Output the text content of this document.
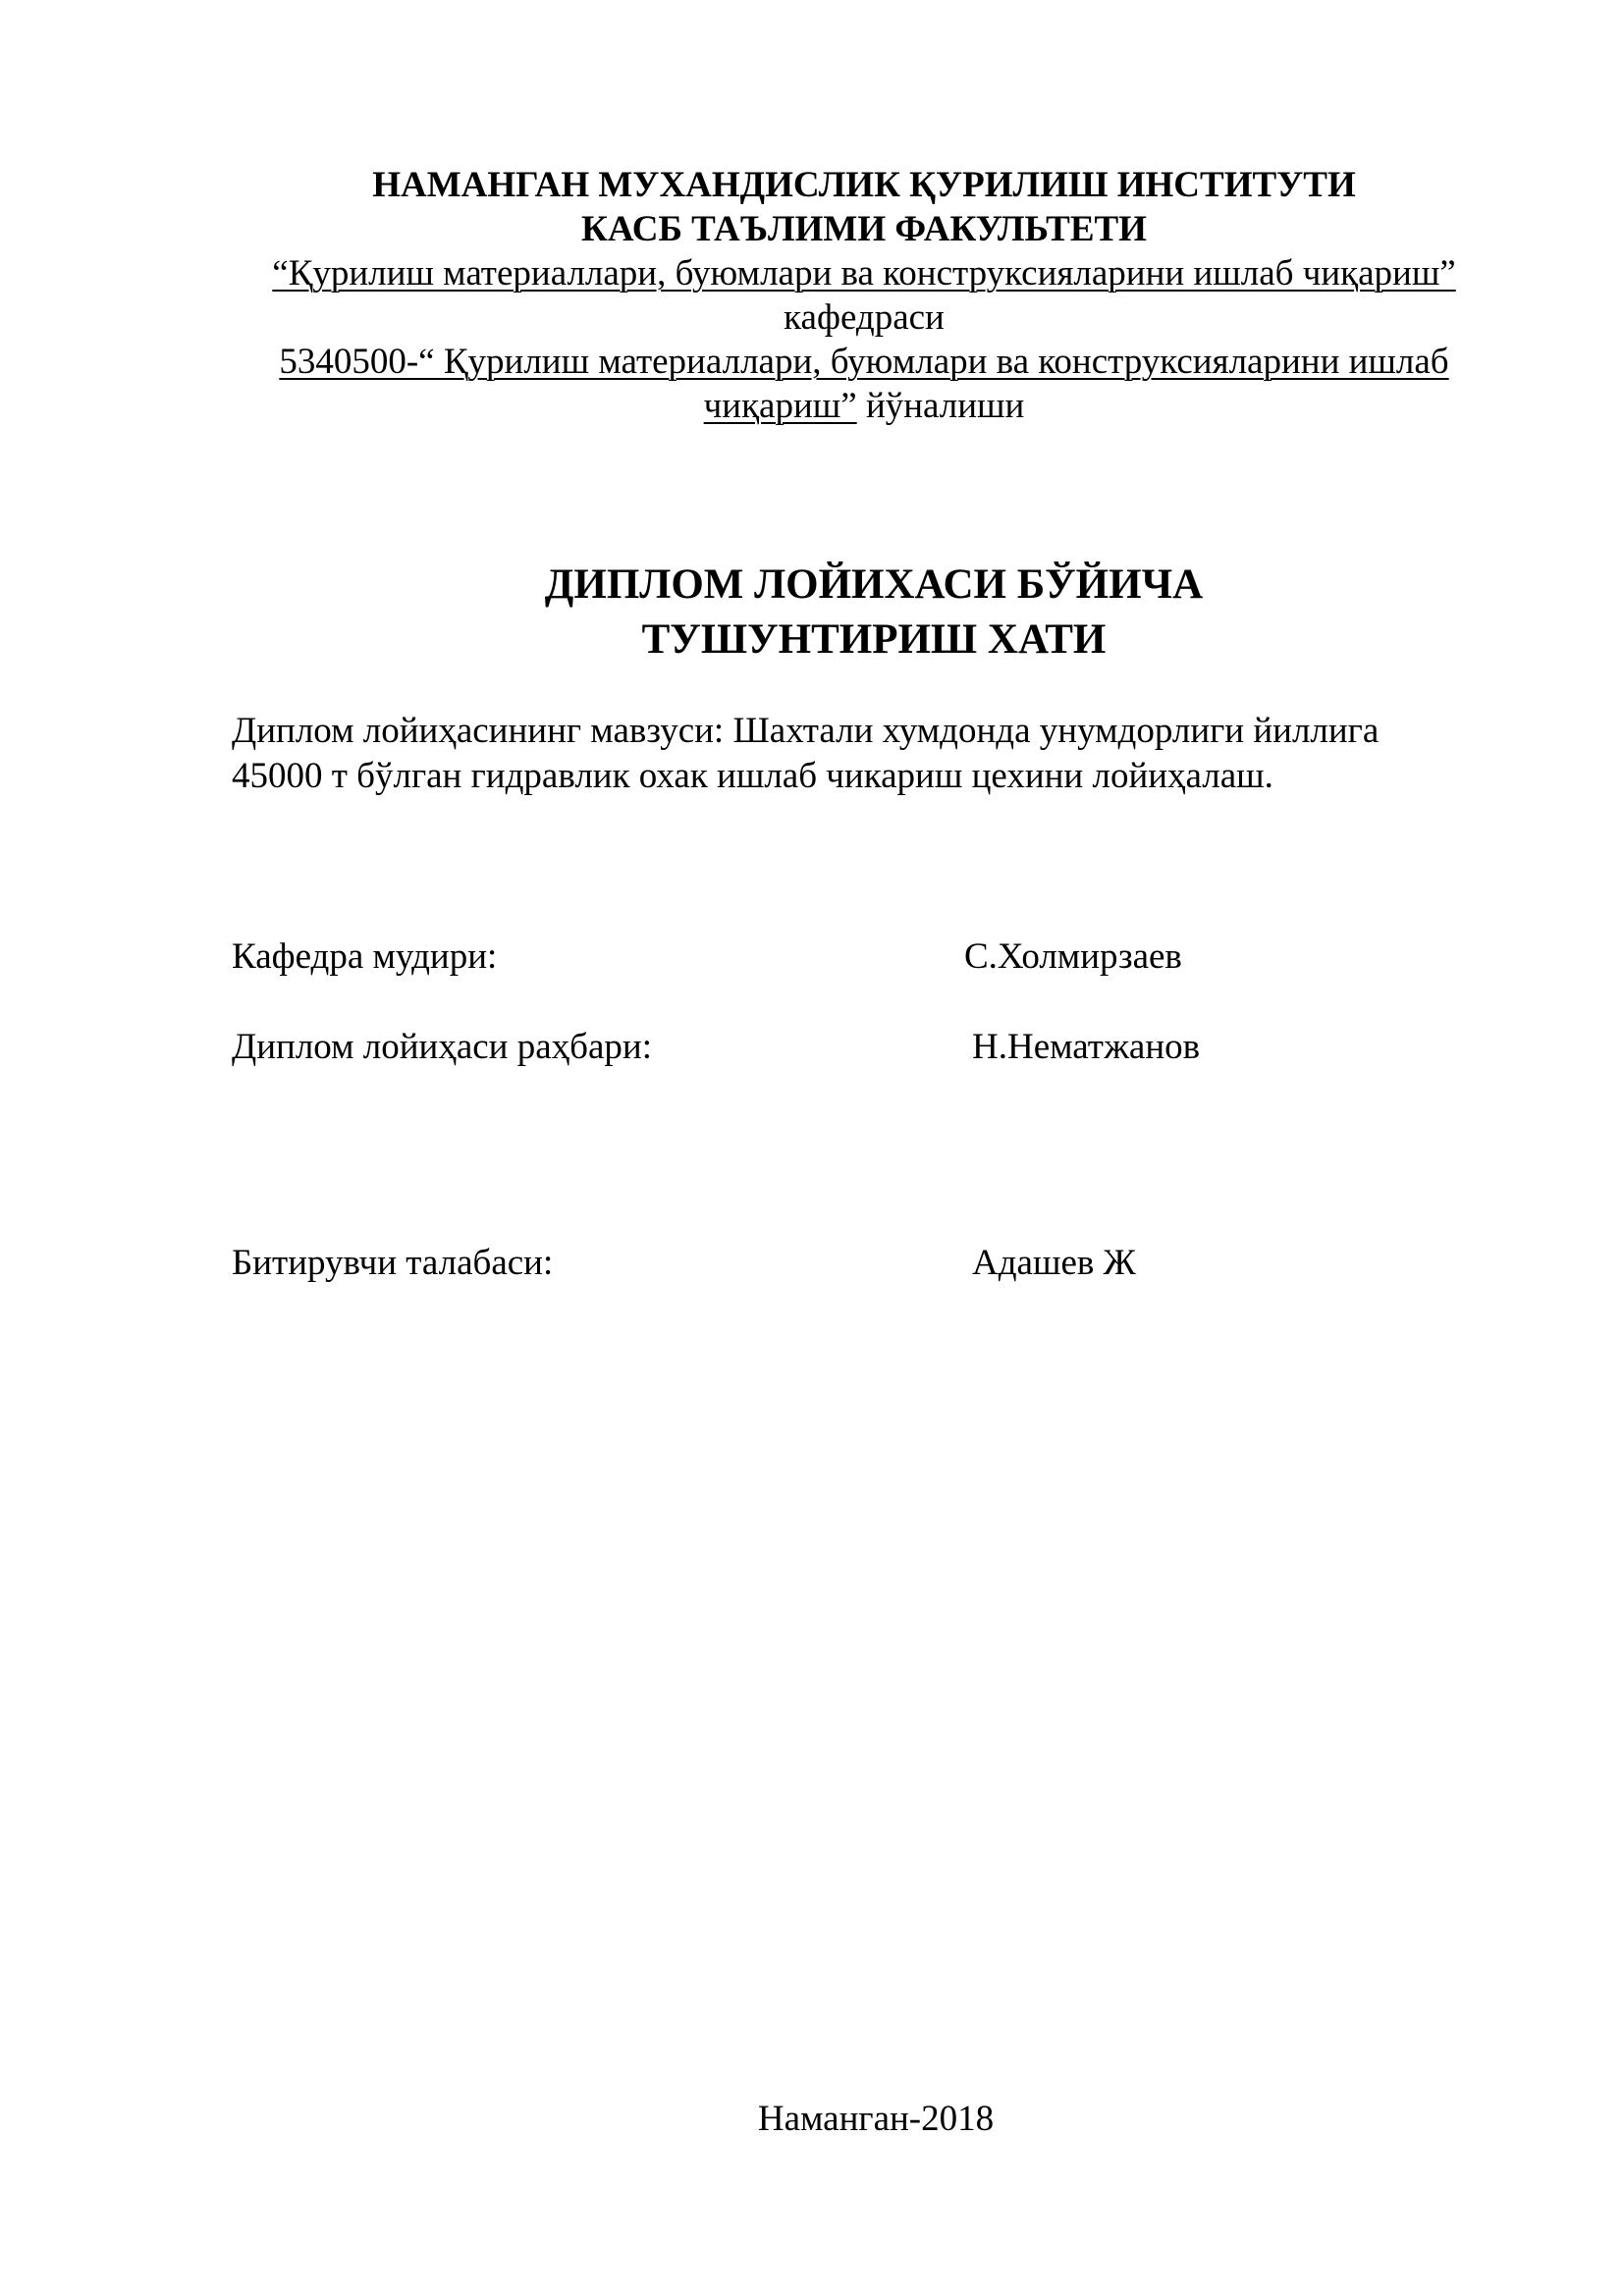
НАМАНГАН МУХАНДИСЛИК ҚУРИЛИШ ИНСТИТУТИ

КАСБ ТАЪЛИМИ ФАКУЛЬТЕТИ

“Қурилиш материаллари, буюмлари ва конструксияларини ишлаб чиқариш”

кафедраси

5340500-“ Қурилиш материаллари, буюмлари ва конструксияларини ишлаб

чиқариш” йўналиши

ДИПЛОМ ЛОЙИХАСИ БЎЙИЧА
ТУШУНТИРИШ ХАТИ
Диплом лойиҳасининг мавзуси: Шахтали хумдонда унумдорлиги йиллига
45000 т бўлган гидравлик охак ишлаб чикариш цехини лойиҳалаш.
Кафедра мудири:	С.Холмирзаев
Диплом лойиҳаси раҳбари:	Н.Нематжанов
Битирувчи талабаси:	Адашев Ж
Наманган-2018
